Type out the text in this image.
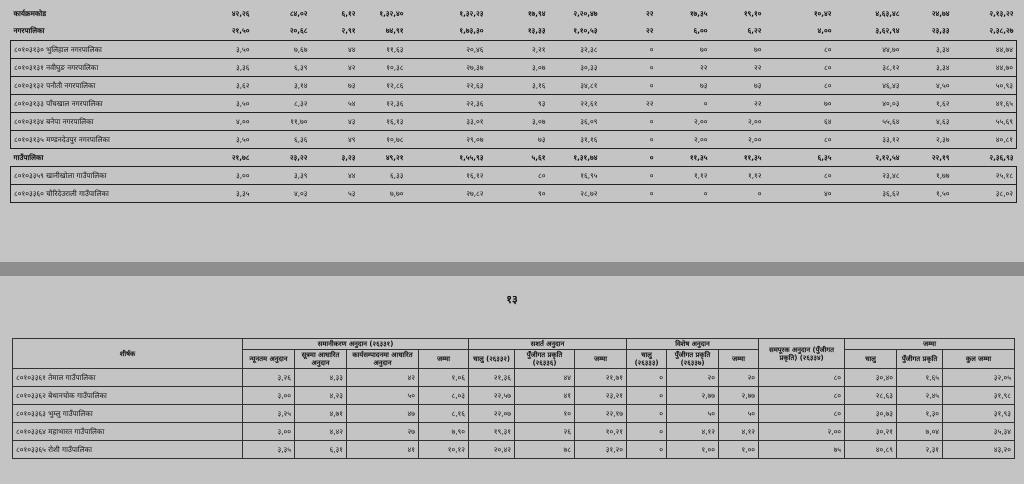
कार्यक्रमकोड	४२,२६	८४,०२		६,१२	१,३२,४०	१,३२,२३		१७,९४	२,२०,४७	२२	१७,३५	१९,१०		१०,४२	४,६३,४८	२४,७४	२,१३,२२
नगरपालिका	२१,५०	२०,६८		२,९१	७४,९१	१,७३,३०		१३,३३	१,१०,५३	२२	६,००	६,२२		४,००	३,६२,९४	२३,३३	२,३८,२७
८०१०३१३० भुलिहाल नगरपालिका	३,५०	७,६७		४४	११,६३	२०,४६		२,२१	३२,३८	०	७०	७०		८०	४४,७०	३,३४	४४,७४
८०१०३१३१ नवीघुङ नगरपालिका	३,३६	६,३९		४२	१०,३८	२७,३७		३,०७	३०,३३	०	२२	२२		८०	३८,१२	३,३४	४४,७०
८०१०३१३२ पनौती नगरपालिका	३,६२	३,१४		७३	१२,८६	२२,६३		३,१६	३४,८१	०	७३	७३		८०	४६,४३	४,५०	५०,९३
८०१०३१३३ पाँचखाल नगरपालिका	३,५०	८,३२		५४	१२,३६	२२,३६		९३	२२,६१	२२	०	२२		७०	४०,०३	१,६२	४१,६५
८०१०३१३४ बनेपा नगरपालिका	४,००	११,७०		४३	१६,१३	३३,०१		३,०७	३६,०९	०	२,००	२,००		६४	५५,६४	४,६३	५५,६९
८०१०३१३५ मण्डनदेउपुर नगरपालिका	३,५०	६,३६		४९	१०,७८	२९,०७		७३	३१,१६	०	२,००	२,००		८०	३३,१२	२,३७	४०,८१
गाउँपालिका	२१,७८	२३,२२		३,२३	४९,२१	१,५५,९३		५,६१	१,३१,७४	०	११,३५	११,३५		६,३५	२,१२,५४	२२,१९	२,३६,९३
८०१०३३५९ खानीखोला गाउँपालिका	३,००	३,३९		४४	६,३३	१६,१२		८०	१६,९५	०	१,१२	१,१२		८०	२३,४८	१,७७	२५,१८
८०१०३३६० चौरिदेउराली गाउँपालिका	३,३५	४,०३		५३	७,७०	२७,८२		९०	२८,७२	०	०	०		४०	३६,६२	१,५०	३८,०२
१३
शीर्षक	समानीकरण अनुदान (२६३३१)				सशर्त अनुदान			विशेष अनुदान			समपूरक अनुदान (पुँजीगत प्रकृति) (२६३३४)	जम्मा		
	न्यूनतम अनुदान	सूत्रमा आधारित अनुदान	कार्यसम्पादनमा आधारित अनुदान	जम्मा	चालु (२६३३२)	पुँजीगत प्रकृति (२६३३६)	जम्मा	चालु (२६३३३)	पुँजीगत प्रकृति (२६३३७)	जम्मा		चालु	पुँजीगत प्रकृति	कुल जम्मा
८०१०३३६१ तेमाल गाउँपालिका	३,२६	४,३३	४२	१,०६	२१,३६	४४	२१,७१	०	२०	२०	८०	३०,४०	१,६५	३२,०५
८०१०३३६२ बेथानचोक गाउँपालिका	३,००	४,२३	५०	८,०३	२२,५७	४१	२३,२१	०	२,७७	२,७७	८०	२८,६३	२,४५	३१,९८
८०१०३३६३ भुम्लु गाउँपालिका	३,२५	४,७१	४७	८,१६	२२,०७	१०	२२,१७	०	५०	५०	८०	३०,७३	१,३०	३१,९३
८०१०३३६४ महाभारत गाउँपालिका	३,००	४,४२	२७	७,९०	१९,३१	२६	१०,२१	०	४,१२	४,१२	२,००	३०,२१	७,०४	३५,३४
८०१०३३६५ रोशी गाउँपालिका	३,३५	६,३१	४१	१०,१२	२०,४२	७८	३१,२०	०	१,००	१,००	७५	४०,८९	२,३१	४३,२०
